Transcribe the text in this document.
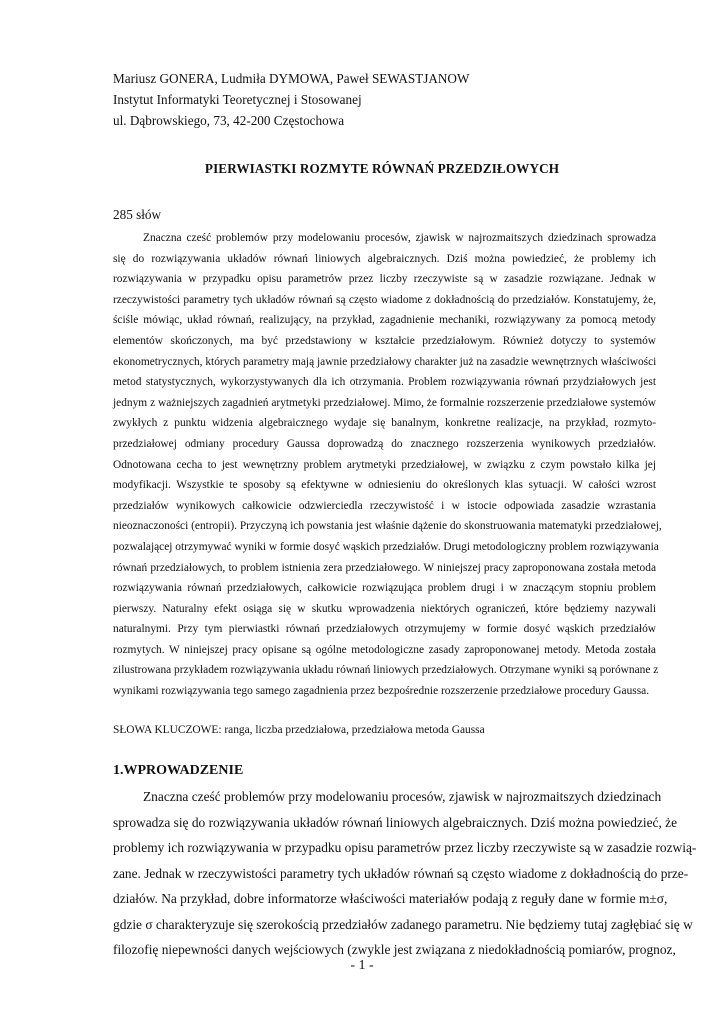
Mariusz GONERA, Ludmiła DYMOWA, Paweł SEWASTJANOW
Instytut Informatyki Teoretycznej i Stosowanej
ul. Dąbrowskiego, 73, 42-200 Częstochowa
PIERWIASTKI ROZMYTE RÓWNAŃ PRZEDZIŁOWYCH
285 słów
Znaczna cześć problemów przy modelowaniu procesów, zjawisk w najrozmaitszych dziedzinach sprowadza
się do rozwiązywania układów równań liniowych algebraicznych. Dziś można powiedzieć, że problemy ich
rozwiązywania w przypadku opisu parametrów przez liczby rzeczywiste są w zasadzie rozwiązane. Jednak w
rzeczywistości parametry tych układów równań są często wiadome z dokładnością do przedziałów. Konstatujemy, że,
ściśle mówiąc, układ równań, realizujący, na przykład, zagadnienie mechaniki, rozwiązywany za pomocą metody
elementów skończonych, ma być przedstawiony w kształcie przedziałowym. Również dotyczy to systemów
ekonometrycznych, których parametry mają jawnie przedziałowy charakter już na zasadzie wewnętrznych właściwości
metod statystycznych, wykorzystywanych dla ich otrzymania. Problem rozwiązywania równań przydziałowych jest
jednym z ważniejszych zagadnień arytmetyki przedziałowej. Mimo, że formalnie rozszerzenie przedziałowe systemów
zwykłych z punktu widzenia algebraicznego wydaje się banalnym, konkretne realizacje, na przykład, rozmyto-
przedziałowej odmiany procedury Gaussa doprowadzą do znacznego rozszerzenia wynikowych przedziałów.
Odnotowana cecha to jest wewnętrzny problem arytmetyki przedziałowej, w związku z czym powstało kilka jej
modyfikacji. Wszystkie te sposoby są efektywne w odniesieniu do określonych klas sytuacji. W całości wzrost
przedziałów wynikowych całkowicie odzwierciedla rzeczywistość i w istocie odpowiada zasadzie wzrastania
nieoznaczoności (entropii). Przyczyną ich powstania jest właśnie dążenie do skonstruowania matematyki przedziałowej,
pozwalającej otrzymywać wyniki w formie dosyć wąskich przedziałów. Drugi metodologiczny problem rozwiązywania
równań przedziałowych, to problem istnienia zera przedziałowego. W niniejszej pracy zaproponowana została metoda
rozwiązywania równań przedziałowych, całkowicie rozwiązująca problem drugi i w znaczącym stopniu problem
pierwszy. Naturalny efekt osiąga się w skutku wprowadzenia niektórych ograniczeń, które będziemy nazywali
naturalnymi. Przy tym pierwiastki równań przedziałowych otrzymujemy w formie dosyć wąskich przedziałów
rozmytych. W niniejszej pracy opisane są ogólne metodologiczne zasady zaproponowanej metody. Metoda została
zilustrowana przykładem rozwiązywania układu równań liniowych przedziałowych. Otrzymane wyniki są porównane z
wynikami rozwiązywania tego samego zagadnienia przez bezpośrednie rozszerzenie przedziałowe procedury Gaussa.
SŁOWA KLUCZOWE: ranga, liczba przedziałowa, przedziałowa metoda Gaussa
1.WPROWADZENIE
Znaczna cześć problemów przy modelowaniu procesów, zjawisk w najrozmaitszych dziedzinach
sprowadza się do rozwiązywania układów równań liniowych algebraicznych. Dziś można powiedzieć, że
problemy ich rozwiązywania w przypadku opisu parametrów przez liczby rzeczywiste są w zasadzie rozwią-
zane. Jednak w rzeczywistości parametry tych układów równań są często wiadome z dokładnością do prze-
działów. Na przykład, dobre informatorze właściwości materiałów podają z reguły dane w formie m±σ,
gdzie σ charakteryzuje się szerokością przedziałów zadanego parametru. Nie będziemy tutaj zagłębiać się w
filozofię niepewności danych wejściowych (zwykle jest związana z niedokładnością pomiarów, prognoz,
- 1 -
